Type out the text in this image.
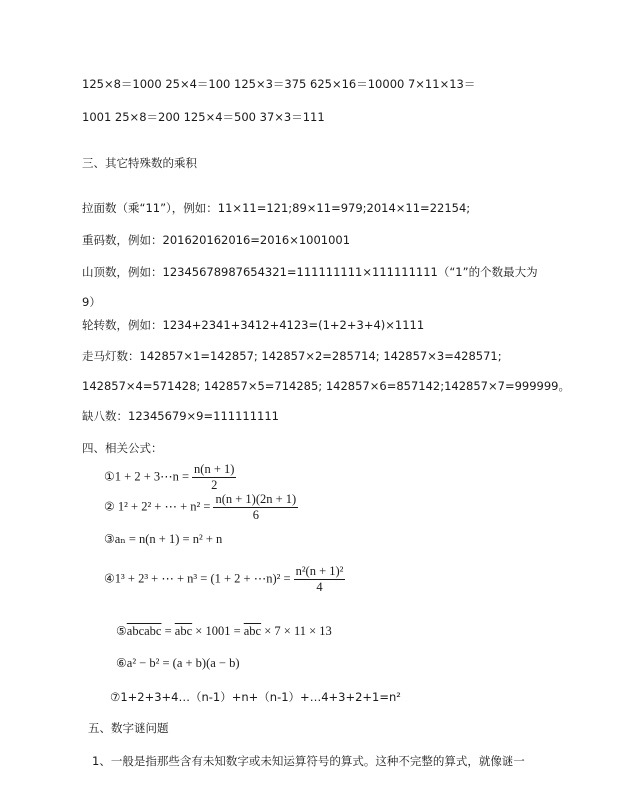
125×8＝1000 25×4＝100 125×3＝375 625×16＝10000 7×11×13＝
1001 25×8＝200 125×4＝500 37×3＝111
三、其它特殊数的乘积
拉面数（乘“11”），例如：11×11=121;89×11=979;2014×11=22154;
重码数，例如：201620162016=2016×1001001
山顶数，例如：12345678987654321=111111111×111111111（“1”的个数最大为
9）
轮转数，例如：1234+2341+3412+4123=(1+2+3+4)×1111
走马灯数：142857×1=142857; 142857×2=285714; 142857×3=428571;
142857×4=571428; 142857×5=714285; 142857×6=857142;142857×7=999999。
缺八数：12345679×9=111111111
四、相关公式：
①1 + 2 + 3⋯n = $\frac{n(n + 1)}{2}$
② 1² + 2² + ⋯ + $n^2 = \frac{n(n + 1)(2n + 1)}{6}$
③aₙ = n(n + 1) = n² + n
④1³ + 2³ + ⋯ + n³ = (1 + 2 + ⋯n)² = $\frac{\text{n²(n + 1)²}}{4}$
⑤abcabc = $\overline{abc} \times 1001 = \overline{abc} \times 7 \times 11 \times 13$
⑥a² − b² = (a + b)(a − b)
⑦1+2+3+4…（n-1）+n+（n-1）+…4+3+2+1=n²
五、数字谜问题
1、一般是指那些含有未知数字或未知运算符号的算式。这种不完整的算式，就像谜一
